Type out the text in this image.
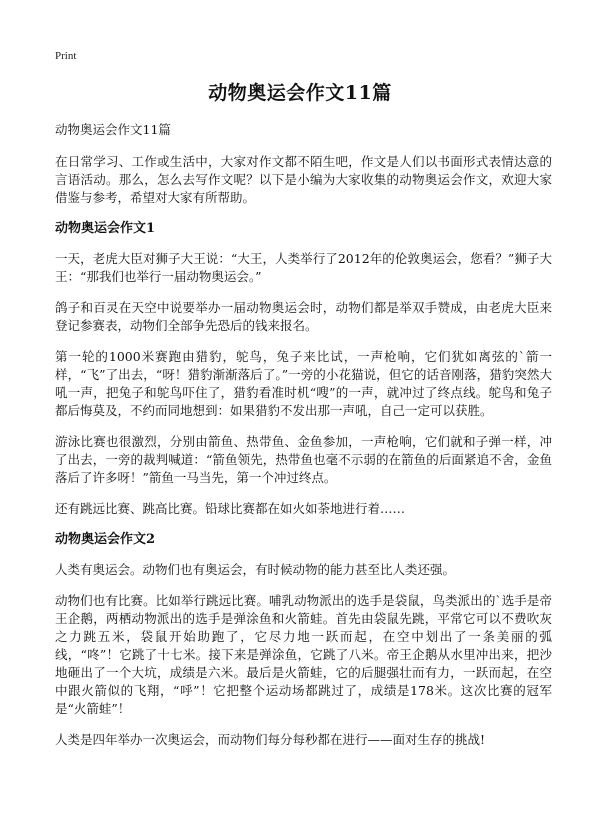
Print
动物奥运会作文11篇
动物奥运会作文11篇

在日常学习、工作或生活中，大家对作文都不陌生吧，作文是人们以书面形式表情达意的言语活动。那么，怎么去写作文呢？以下是小编为大家收集的动物奥运会作文，欢迎大家借鉴与参考，希望对大家有所帮助。

动物奥运会作文1

一天，老虎大臣对狮子大王说：“大王，人类举行了2012年的伦敦奥运会，您看？”狮子大王：“那我们也举行一届动物奥运会。”

鸽子和百灵在天空中说要举办一届动物奥运会时，动物们都是举双手赞成，由老虎大臣来登记参赛表，动物们全部争先恐后的钱来报名。

第一轮的1000米赛跑由猎豹，鸵鸟，兔子来比试，一声枪响，它们犹如离弦的`箭一样，“飞”了出去，“呀！猎豹渐渐落后了。”一旁的小花猫说，但它的话音刚落，猎豹突然大吼一声，把兔子和鸵鸟吓住了，猎豹看准时机“嗖”的一声，就冲过了终点线。鸵鸟和兔子都后悔莫及，不约而同地想到：如果猎豹不发出那一声吼，自己一定可以获胜。

游泳比赛也很激烈，分别由箭鱼、热带鱼、金鱼参加，一声枪响，它们就和子弹一样，冲了出去，一旁的裁判喊道：“箭鱼领先，热带鱼也毫不示弱的在箭鱼的后面紧追不舍，金鱼落后了许多呀！”箭鱼一马当先，第一个冲过终点。

还有跳远比赛、跳高比赛。铅球比赛都在如火如荼地进行着……

动物奥运会作文2

人类有奥运会。动物们也有奥运会，有时候动物的能力甚至比人类还强。

动物们也有比赛。比如举行跳远比赛。哺乳动物派出的选手是袋鼠，鸟类派出的`选手是帝王企鹅，两栖动物派出的选手是弹涂鱼和火箭蛙。首先由袋鼠先跳，平常它可以不费吹灰之力跳五米，袋鼠开始助跑了，它尽力地一跃而起，在空中划出了一条美丽的弧线，“咚”！它跳了十七米。接下来是弹涂鱼，它跳了八米。帝王企鹅从水里冲出来，把沙地砸出了一个大坑，成绩是六米。最后是火箭蛙，它的后腿强壮而有力，一跃而起，在空中跟火箭似的飞翔，“呼”！它把整个运动场都跳过了，成绩是178米。这次比赛的冠军是“火箭蛙”！

人类是四年举办一次奥运会，而动物们每分每秒都在进行——面对生存的挑战!
